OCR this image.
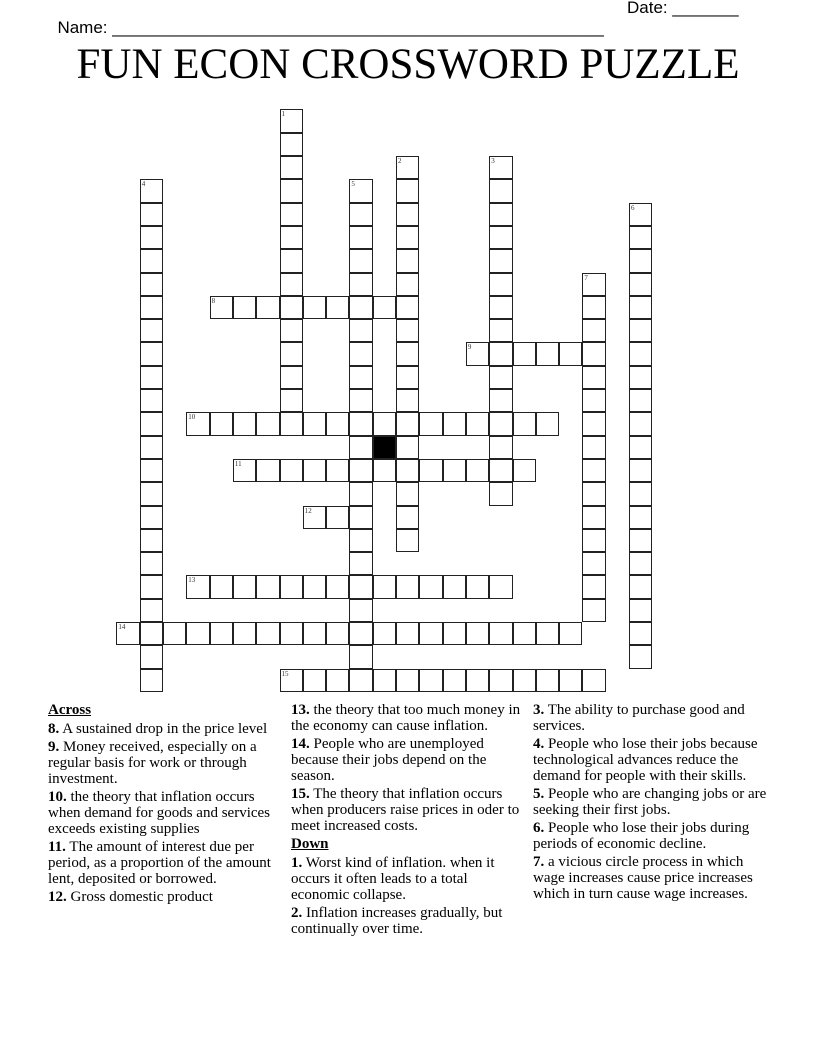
Name: ____________________________________________________

Date: _______

FUN ECON CROSSWORD PUZZLE
1
2	3
4	5
6
7
8
9
10
11
12
13
14
15
Across
8. A sustained drop in the price level
9. Money received, especially on a regular basis for work or through investment.
10. the theory that inflation occurs when demand for goods and services exceeds existing supplies
11. The amount of interest due per period, as a proportion of the amount lent, deposited or borrowed.
12. Gross domestic product
13. the theory that too much money in the economy can cause inflation.
14. People who are unemployed because their jobs depend on the season.
15. The theory that inflation occurs when producers raise prices in oder to meet increased costs.
Down
1. Worst kind of inflation. when it occurs it often leads to a total economic collapse.
2. Inflation increases gradually, but continually over time.
3. The ability to purchase good and services.
4. People who lose their jobs because technological advances reduce the demand for people with their skills.
5. People who are changing jobs or are seeking their first jobs.
6. People who lose their jobs during periods of economic decline.
7. a vicious circle process in which wage increases cause price increases which in turn cause wage increases.
